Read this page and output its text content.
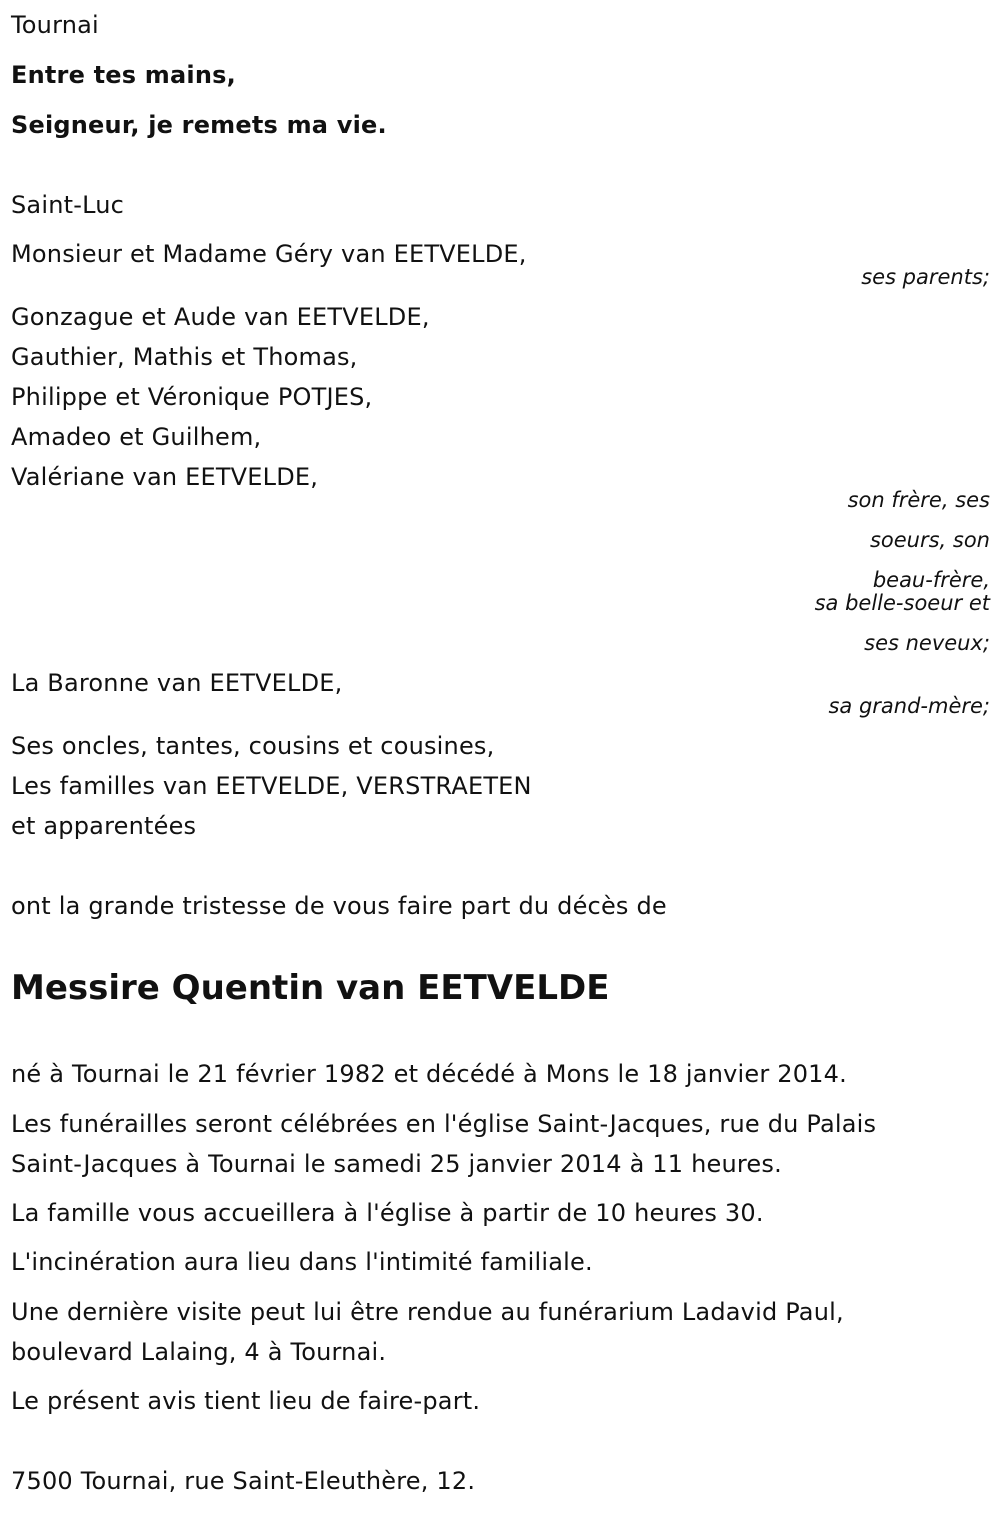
Tournai
Entre tes mains,
Seigneur, je remets ma vie.
Saint-Luc
Monsieur et Madame Géry van EETVELDE,
ses parents;
Gonzague et Aude van EETVELDE,
Gauthier, Mathis et Thomas,
Philippe et Véronique POTJES,
Amadeo et Guilhem,
Valériane van EETVELDE,
son frère, ses
soeurs, son
beau-frère,
sa belle-soeur et
ses neveux;
La Baronne van EETVELDE,
sa grand-mère;
Ses oncles, tantes, cousins et cousines,
Les familles van EETVELDE, VERSTRAETEN
et apparentées
ont la grande tristesse de vous faire part du décès de
Messire Quentin van EETVELDE
né à Tournai le 21 février 1982 et décédé à Mons le 18 janvier 2014.
Les funérailles seront célébrées en l'église Saint-Jacques, rue du Palais
Saint-Jacques à Tournai le samedi 25 janvier 2014 à 11 heures.
La famille vous accueillera à l'église à partir de 10 heures 30.
L'incinération aura lieu dans l'intimité familiale.
Une dernière visite peut lui être rendue au funérarium Ladavid Paul,
boulevard Lalaing, 4 à Tournai.
Le présent avis tient lieu de faire-part.
7500 Tournai, rue Saint-Eleuthère, 12.
